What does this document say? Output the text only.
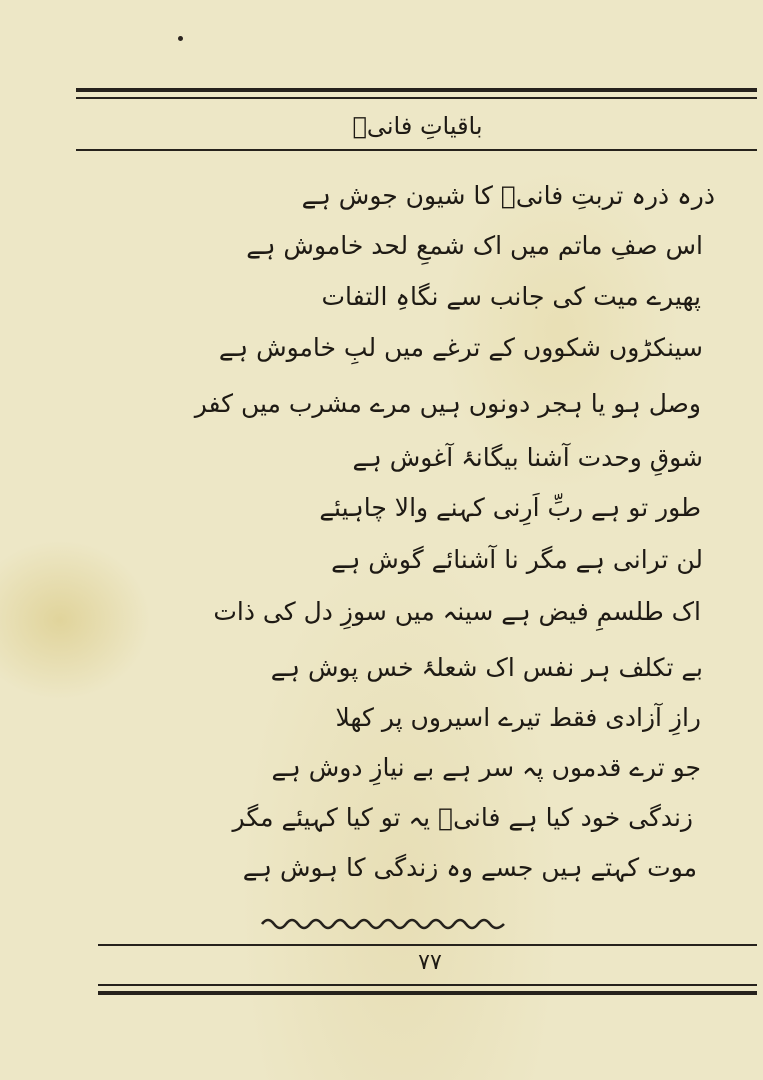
باقیاتِ فانیؔ
ذرہ ذرہ تربتِ فانیؔ کا شیون جوش ہے
اس صفِ ماتم میں اک شمعِ لحد خاموش ہے
پھیرے میت کی جانب سے نگاہِ التفات
سینکڑوں شکووں کے ترغے میں لبِ خاموش ہے
وصل ہو یا ہجر دونوں ہیں مرے مشرب میں کفر
شوقِ وحدت آشنا بیگانۂ آغوش ہے
طور تو ہے ربِّ اَرِنی کہنے والا چاہیئے
لن ترانی ہے مگر نا آشنائے گوش ہے
اک طلسمِ فیض ہے سینہ میں سوزِ دل کی ذات
بے تکلف ہر نفس اک شعلۂ خس پوش ہے
رازِ آزادی فقط تیرے اسیروں پر کھلا
جو ترے قدموں پہ سر ہے بے نیازِ دوش ہے
زندگی خود کیا ہے فانیؔ یہ تو کیا کہیئے مگر
موت کہتے ہیں جسے وہ زندگی کا ہوش ہے
۷۷
